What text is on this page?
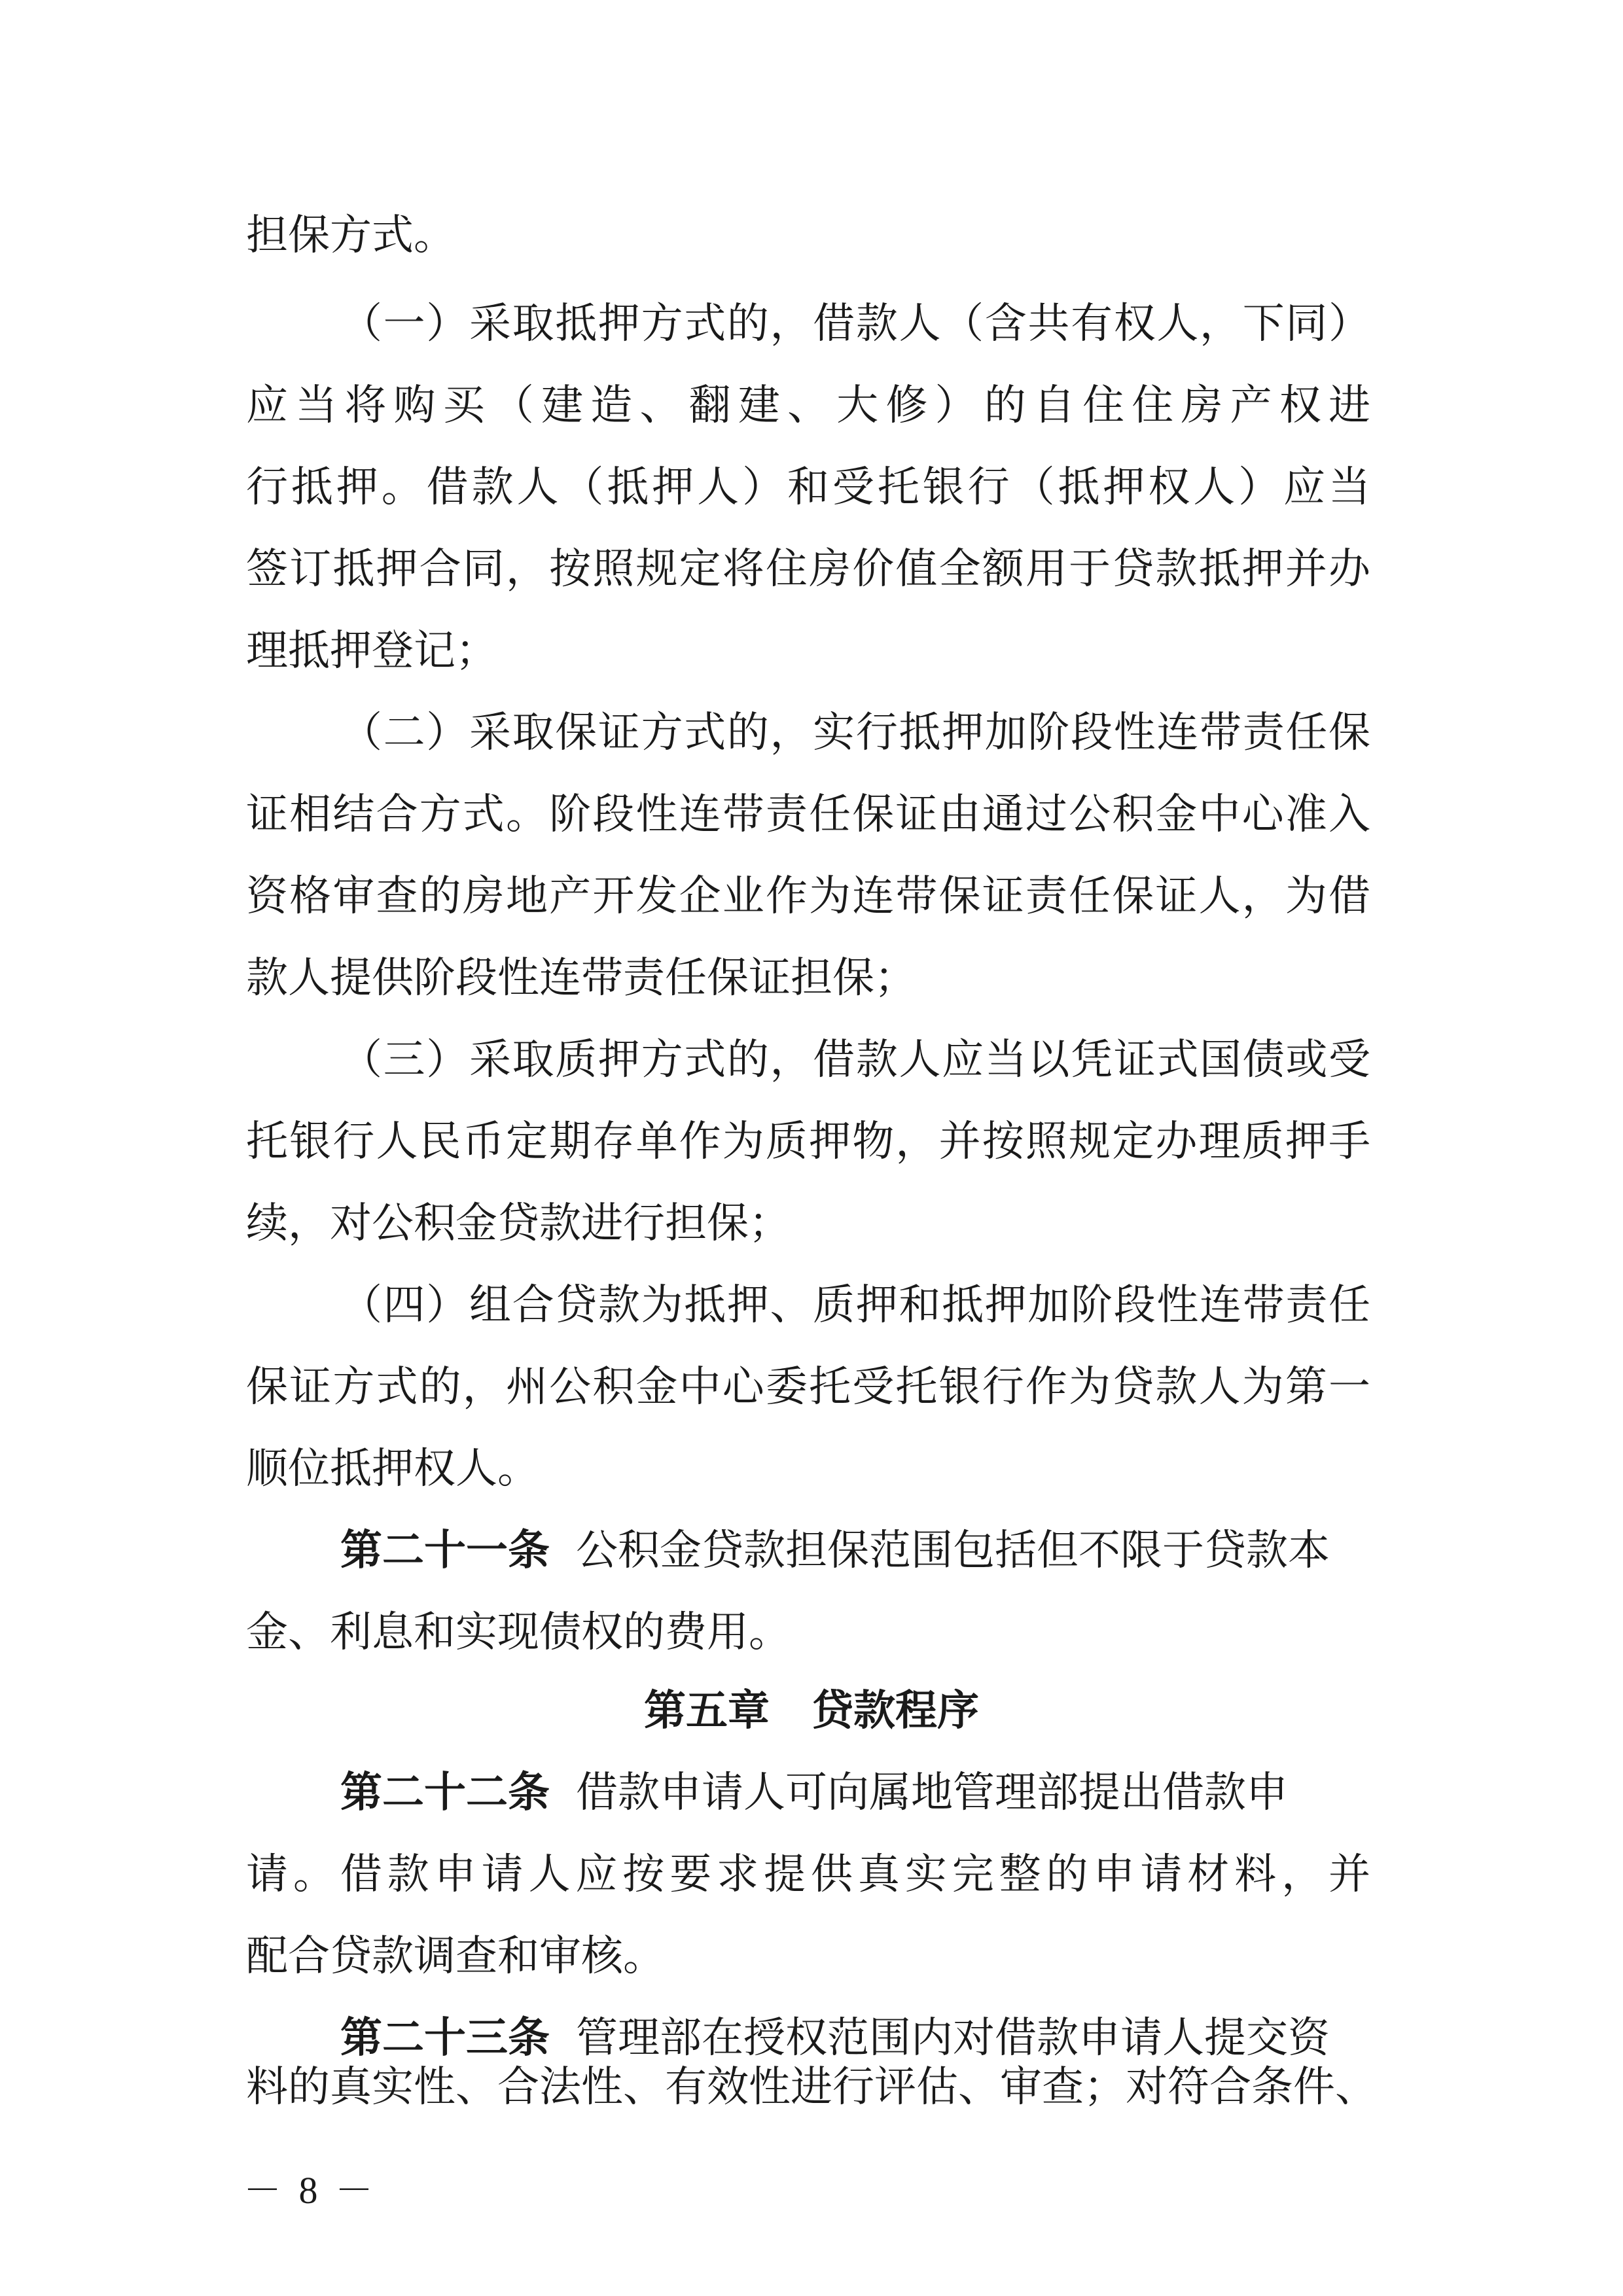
担保方式。
（一）采取抵押方式的，借款人（含共有权人，下同）
应当将购买（建造、翻建、大修）的自住住房产权进
行抵押。借款人（抵押人）和受托银行（抵押权人）应当
签订抵押合同，按照规定将住房价值全额用于贷款抵押并办
理抵押登记；
（二）采取保证方式的，实行抵押加阶段性连带责任保
证相结合方式。阶段性连带责任保证由通过公积金中心准入
资格审查的房地产开发企业作为连带保证责任保证人，为借
款人提供阶段性连带责任保证担保；
（三）采取质押方式的，借款人应当以凭证式国债或受
托银行人民币定期存单作为质押物，并按照规定办理质押手
续，对公积金贷款进行担保；
（四）组合贷款为抵押、质押和抵押加阶段性连带责任
保证方式的，州公积金中心委托受托银行作为贷款人为第一
顺位抵押权人。
第二十一条 公积金贷款担保范围包括但不限于贷款本
金、利息和实现债权的费用。
第五章　贷款程序
第二十二条 借款申请人可向属地管理部提出借款申
请。借款申请人应按要求提供真实完整的申请材料，并
配合贷款调查和审核。
第二十三条 管理部在授权范围内对借款申请人提交资
－ 8 －
料的真实性、合法性、有效性进行评估、审查；对符合条件、
